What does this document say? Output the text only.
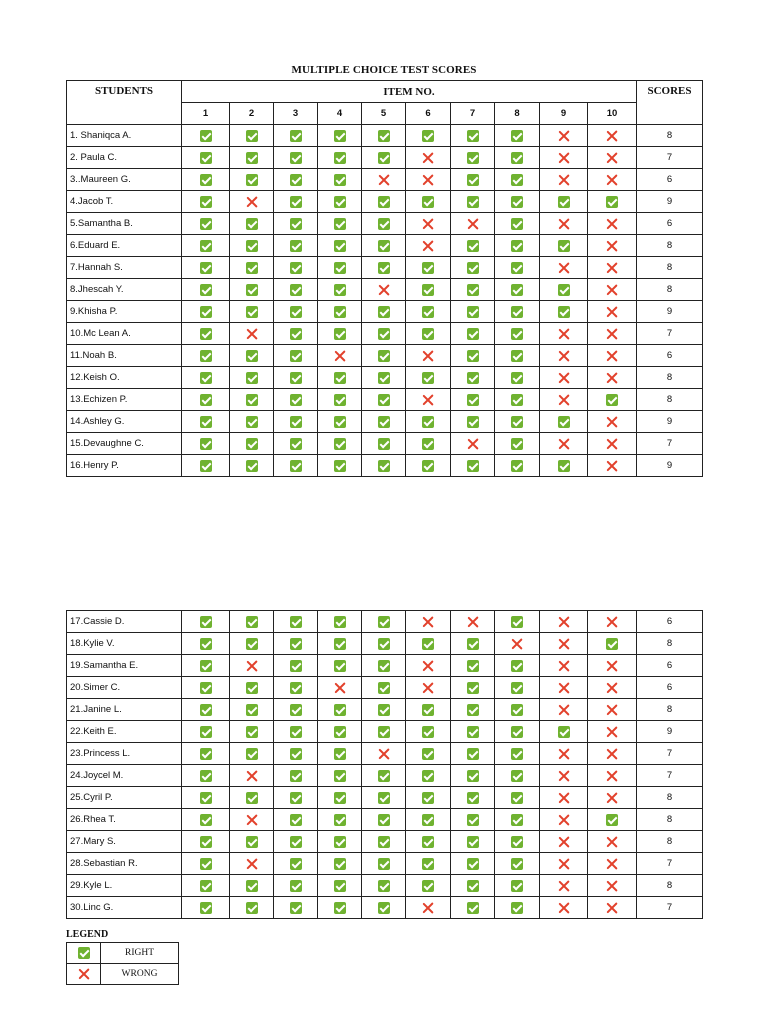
MULTIPLE CHOICE TEST SCORES
STUDENTS	ITEM NO.										SCORES
	1	2	3	4	5	6	7	8	9	10	
1. Shaniqca A.											8
2. Paula C.											7
3..Maureen G.											6
4.Jacob T.											9
5.Samantha B.											6
6.Eduard E.											8
7.Hannah S.											8
8.Jhescah Y.											8
9.Khisha P.											9
10.Mc Lean A.											7
11.Noah B.											6
12.Keish O.											8
13.Echizen P.											8
14.Ashley G.											9
15.Devaughne C.											7
16.Henry P.											9
17.Cassie D.											6
18.Kylie V.											8
19.Samantha E.											6
20.Simer C.											6
21.Janine L.											8
22.Keith E.											9
23.Princess L.											7
24.Joycel M.											7
25.Cyril P.											8
26.Rhea T.											8
27.Mary S.											8
28.Sebastian R.											7
29.Kyle L.											8
30.Linc G.											7
LEGEND
	RIGHT
	WRONG
